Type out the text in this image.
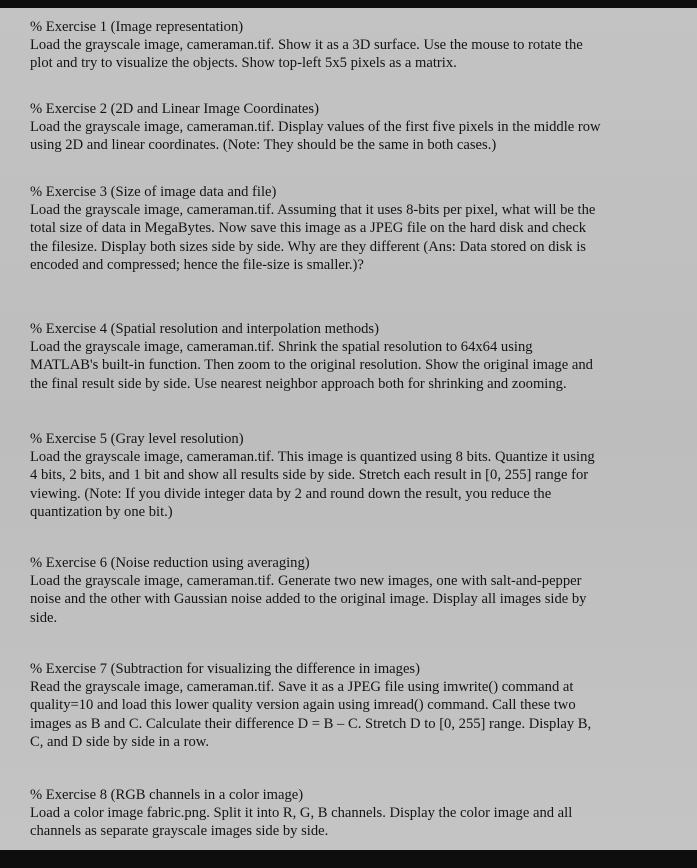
% Exercise 1 (Image representation)
Load the grayscale image, cameraman.tif. Show it as a 3D surface. Use the mouse to rotate the
plot and try to visualize the objects. Show top-left 5x5 pixels as a matrix.
% Exercise 2 (2D and Linear Image Coordinates)
Load the grayscale image, cameraman.tif. Display values of the first five pixels in the middle row
using 2D and linear coordinates. (Note: They should be the same in both cases.)
% Exercise 3 (Size of image data and file)
Load the grayscale image, cameraman.tif. Assuming that it uses 8-bits per pixel, what will be the
total size of data in MegaBytes. Now save this image as a JPEG file on the hard disk and check
the filesize. Display both sizes side by side. Why are they different (Ans: Data stored on disk is
encoded and compressed; hence the file-size is smaller.)?
% Exercise 4 (Spatial resolution and interpolation methods)
Load the grayscale image, cameraman.tif. Shrink the spatial resolution to 64x64 using
MATLAB's built-in function. Then zoom to the original resolution. Show the original image and
the final result side by side. Use nearest neighbor approach both for shrinking and zooming.
% Exercise 5 (Gray level resolution)
Load the grayscale image, cameraman.tif. This image is quantized using 8 bits. Quantize it using
4 bits, 2 bits, and 1 bit and show all results side by side. Stretch each result in [0, 255] range for
viewing. (Note: If you divide integer data by 2 and round down the result, you reduce the
quantization by one bit.)
% Exercise 6 (Noise reduction using averaging)
Load the grayscale image, cameraman.tif. Generate two new images, one with salt-and-pepper
noise and the other with Gaussian noise added to the original image. Display all images side by
side.
% Exercise 7 (Subtraction for visualizing the difference in images)
Read the grayscale image, cameraman.tif. Save it as a JPEG file using imwrite() command at
quality=10 and load this lower quality version again using imread() command. Call these two
images as B and C. Calculate their difference D = B – C. Stretch D to [0, 255] range. Display B,
C, and D side by side in a row.
% Exercise 8 (RGB channels in a color image)
Load a color image fabric.png. Split it into R, G, B channels. Display the color image and all
channels as separate grayscale images side by side.
